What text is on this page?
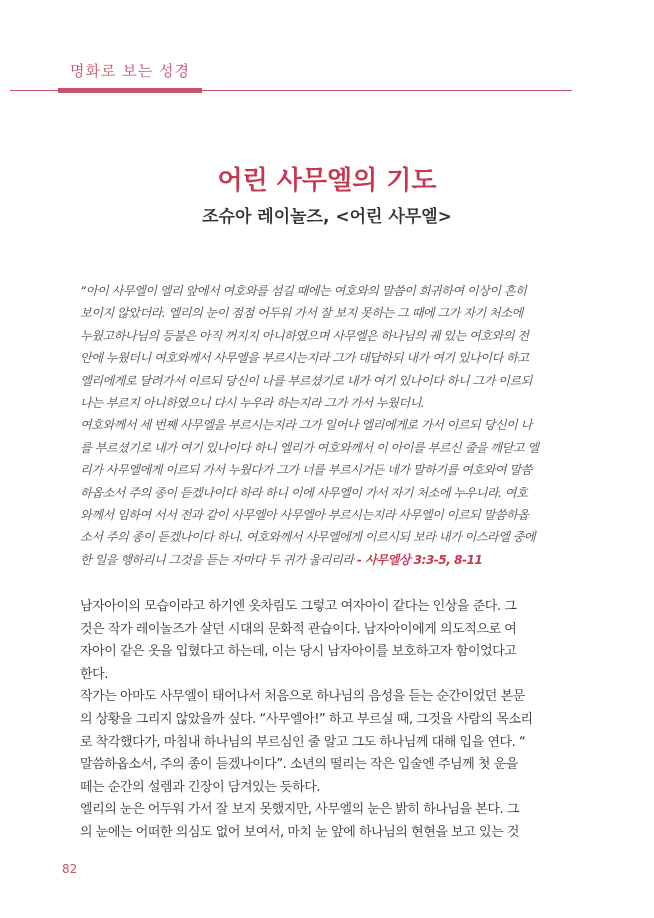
명화로 보는 성경
어린 사무엘의 기도
조슈아 레이놀즈, <어린 사무엘>
“아이 사무엘이 엘리 앞에서 여호와를 섬길 때에는 여호와의 말씀이 희귀하여 이상이 흔히
보이지 않았더라. 엘리의 눈이 점점 어두워 가서 잘 보지 못하는 그 때에 그가 자기 처소에
누웠고하나님의 등불은 아직 꺼지지 아니하였으며 사무엘은 하나님의 궤 있는 여호와의 전
안에 누웠더니 여호와께서 사무엘을 부르시는지라 그가 대답하되 내가 여기 있나이다 하고
엘리에게로 달려가서 이르되 당신이 나를 부르셨기로 내가 여기 있나이다 하니 그가 이르되
나는 부르지 아니하였으니 다시 누우라 하는지라 그가 가서 누웠더니.
여호와께서 세 번째 사무엘을 부르시는지라 그가 일어나 엘리에게로 가서 이르되 당신이 나
를 부르셨기로 내가 여기 있나이다 하니 엘리가 여호와께서 이 아이를 부르신 줄을 깨닫고 엘
리가 사무엘에게 이르되 가서 누웠다가 그가 너를 부르시거든 네가 말하기를 여호와여 말씀
하옵소서 주의 종이 듣겠나이다 하라 하니 이에 사무엘이 가서 자기 처소에 누우니라. 여호
와께서 임하여 서서 전과 같이 사무엘아 사무엘아 부르시는지라 사무엘이 이르되 말씀하옵
소서 주의 종이 듣겠나이다 하니. 여호와께서 사무엘에게 이르시되 보라 내가 이스라엘 중에
한 일을 행하리니 그것을 듣는 자마다 두 귀가 울리리라 - 사무엘상 3:3-5, 8-11
남자아이의 모습이라고 하기엔 옷차림도 그렇고 여자아이 같다는 인상을 준다. 그
것은 작가 레이놀즈가 살던 시대의 문화적 관습이다. 남자아이에게 의도적으로 여
자아이 같은 옷을 입혔다고 하는데, 이는 당시 남자아이를 보호하고자 함이었다고
한다.
작가는 아마도 사무엘이 태어나서 처음으로 하나님의 음성을 듣는 순간이었던 본문
의 상황을 그리지 않았을까 싶다. “사무엘아!” 하고 부르실 때, 그것을 사람의 목소리
로 착각했다가, 마침내 하나님의 부르심인 줄 알고 그도 하나님께 대해 입을 연다. “
말씀하옵소서, 주의 종이 듣겠나이다”. 소년의 떨리는 작은 입술엔 주님께 첫 운을
떼는 순간의 설렘과 긴장이 담겨있는 듯하다.
엘리의 눈은 어두워 가서 잘 보지 못했지만, 사무엘의 눈은 밝히 하나님을 본다. 그
의 눈에는 어떠한 의심도 없어 보여서, 마치 눈 앞에 하나님의 현현을 보고 있는 것
82
